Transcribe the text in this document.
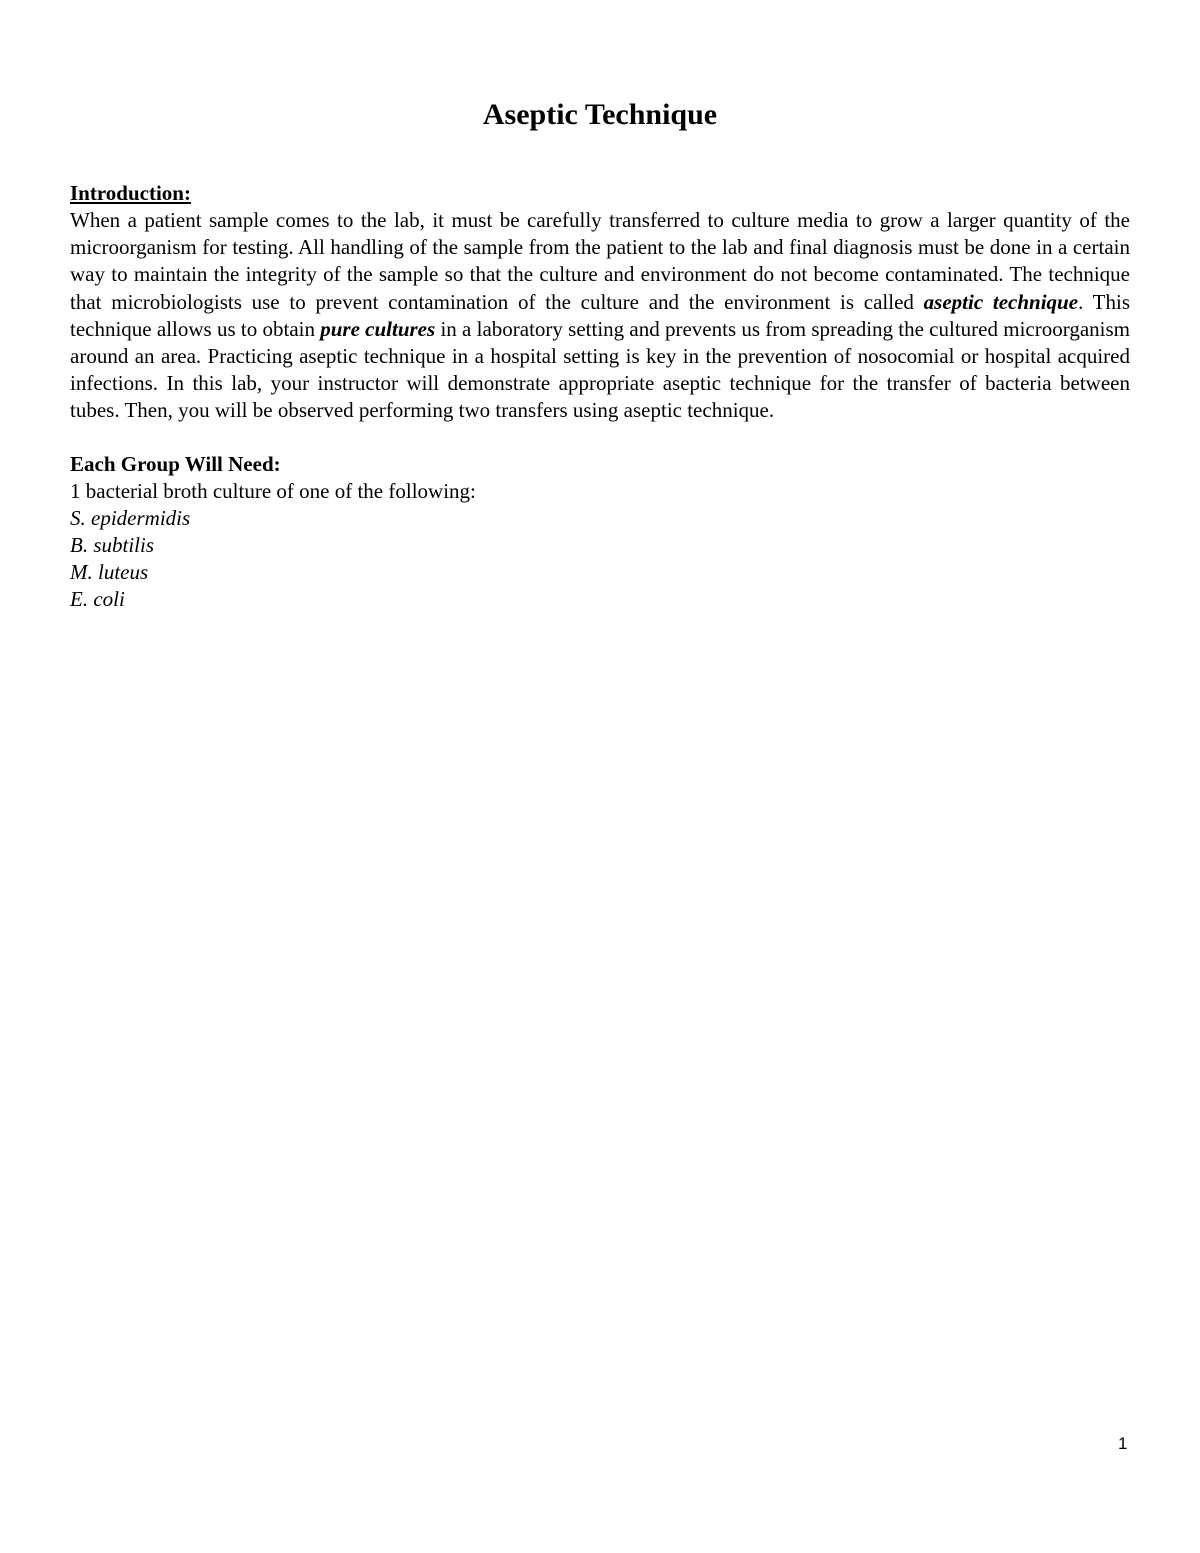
Aseptic Technique

Introduction:

When a patient sample comes to the lab, it must be carefully transferred to culture media to grow a larger quantity of the microorganism for testing. All handling of the sample from the patient to the lab and final diagnosis must be done in a certain way to maintain the integrity of the sample so that the culture and environment do not become contaminated. The technique that microbiologists use to prevent contamination of the culture and the environment is called aseptic technique. This technique allows us to obtain pure cultures in a laboratory setting and prevents us from spreading the cultured microorganism around an area. Practicing aseptic technique in a hospital setting is key in the prevention of nosocomial or hospital acquired infections. In this lab, your instructor will demonstrate appropriate aseptic technique for the transfer of bacteria between tubes. Then, you will be observed performing two transfers using aseptic technique.

Each Group Will Need:

1 bacterial broth culture of one of the following:

S. epidermidis

B. subtilis

M. luteus

E. coli

1
